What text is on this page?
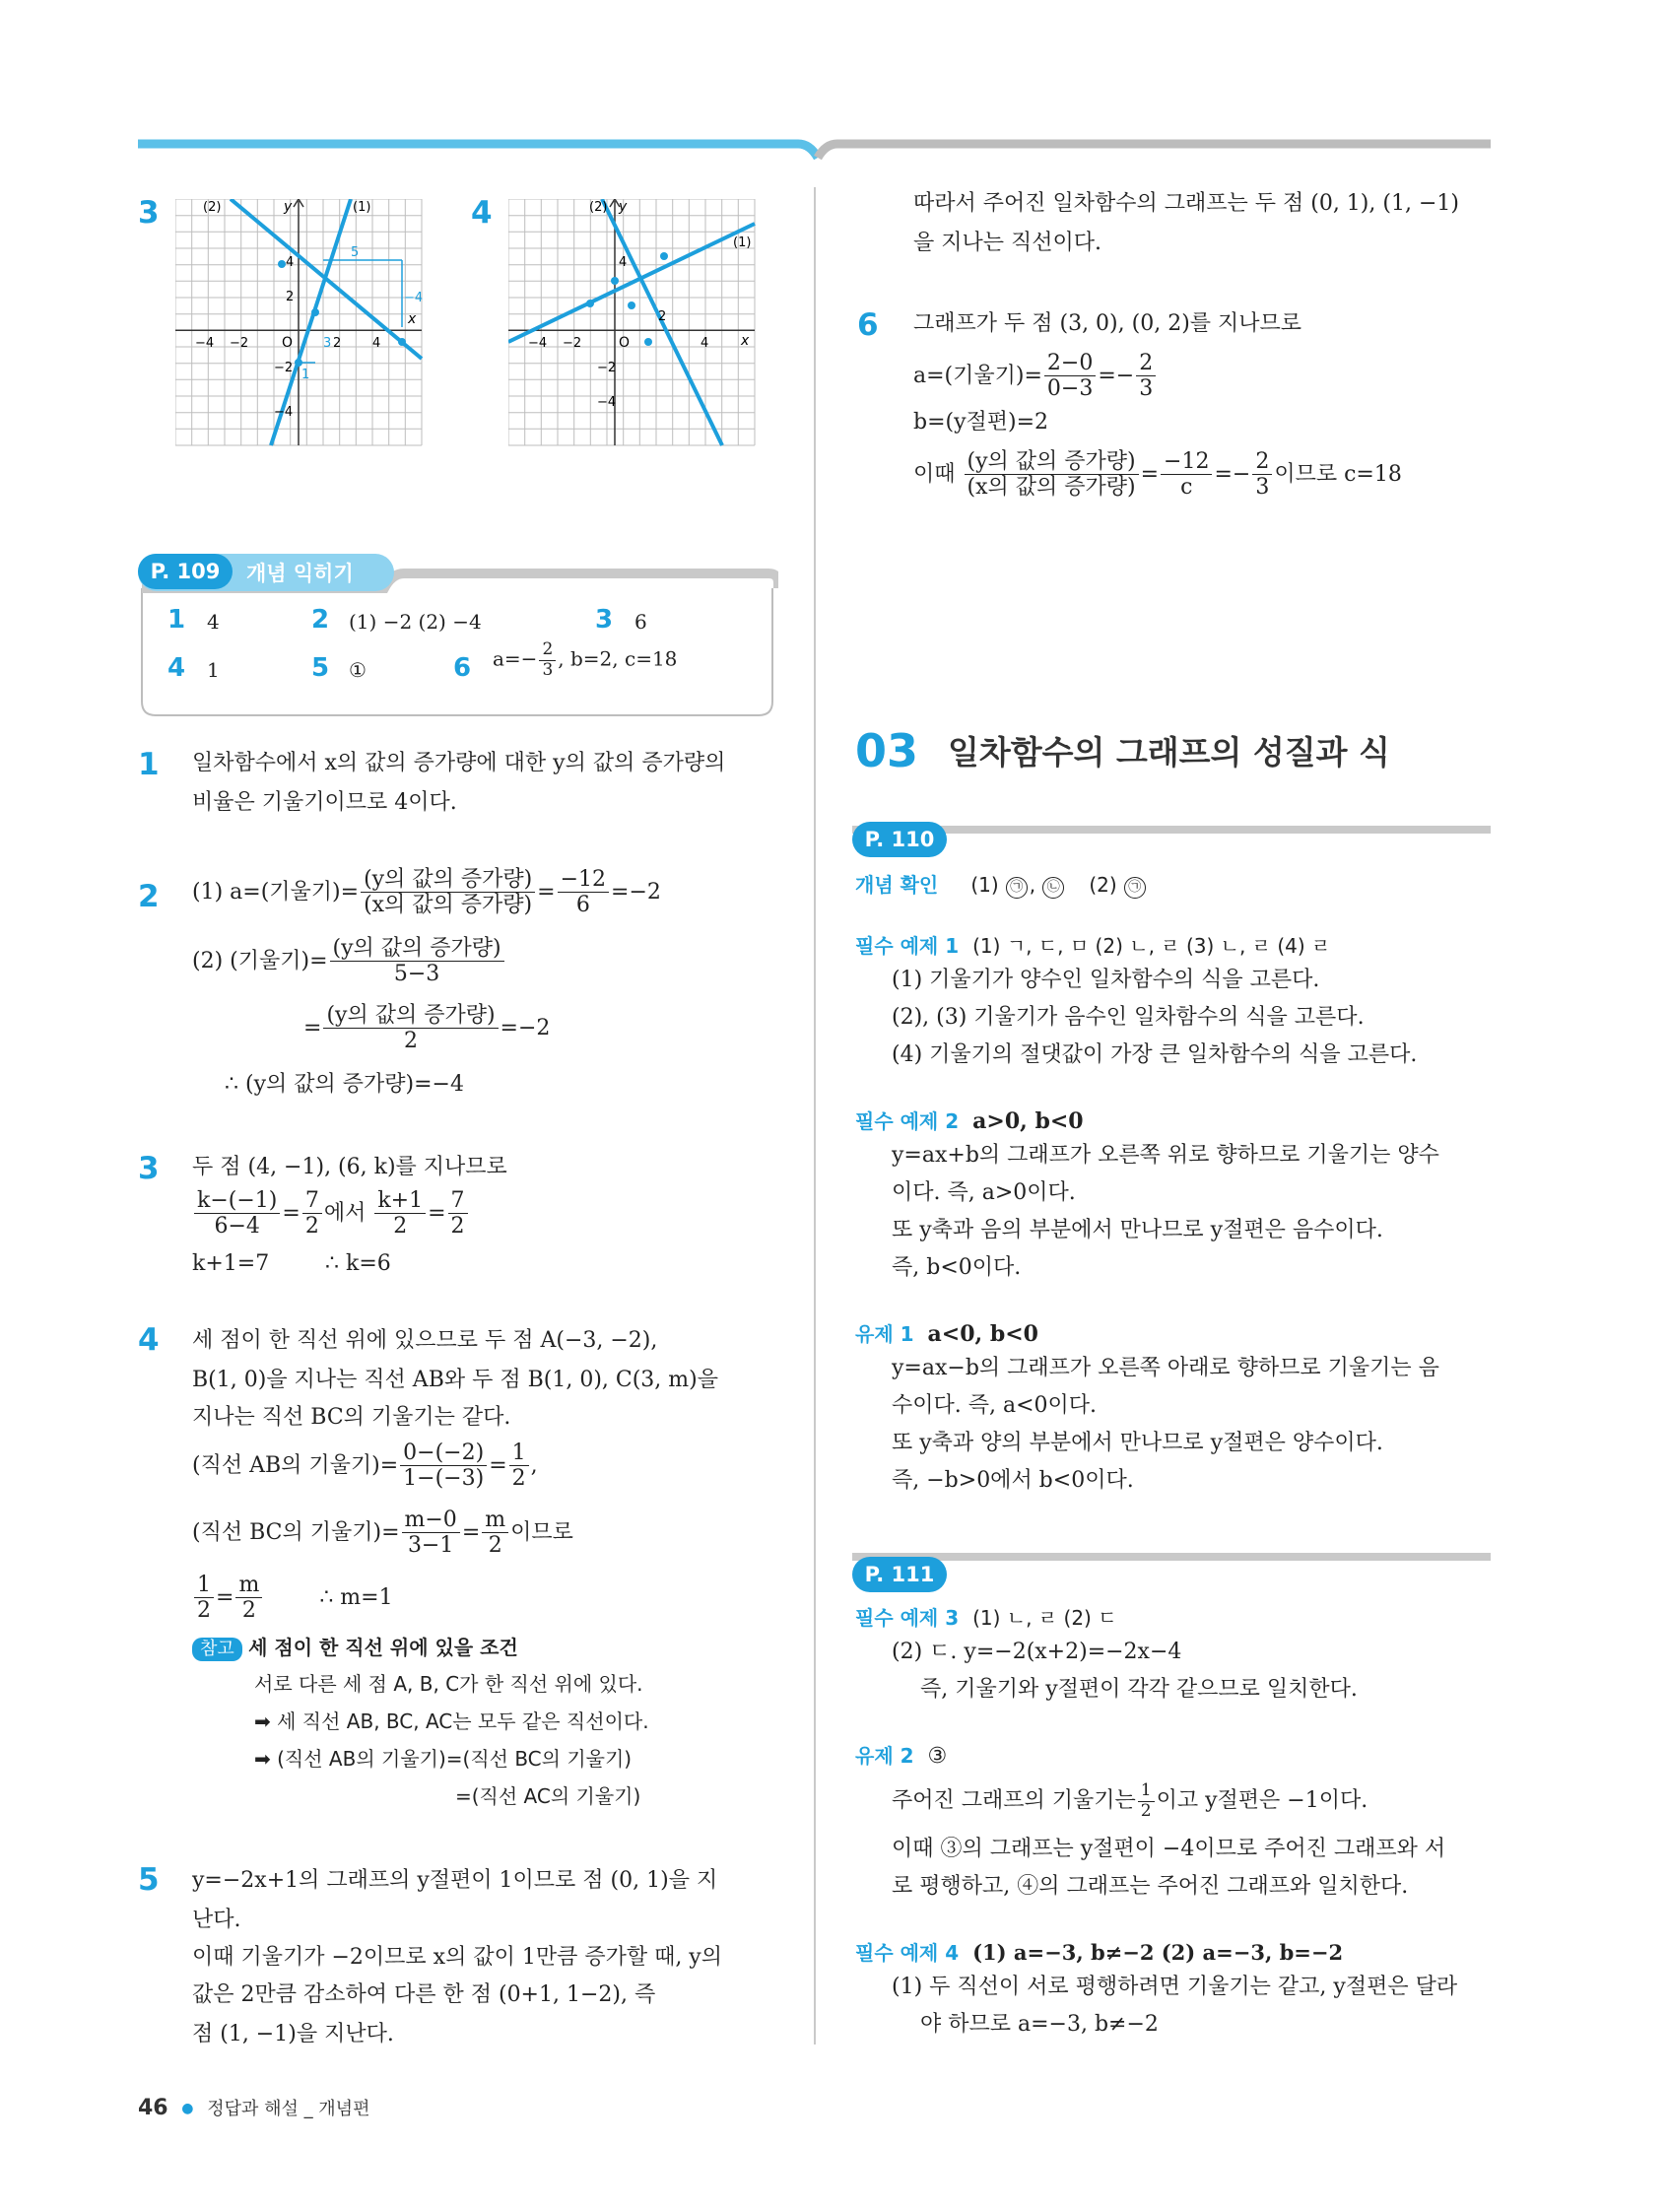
3	(2)	(1)
y
x
O
−4 −2	2 4
4
2
−2
−4
5
−4
3
1
4	(2)
(1)
y
x
O
−4 −2	4
4
2
−2
−4
따라서 주어진 일차함수의 그래프는 두 점 (0, 1), (1, −1)
을 지나는 직선이다.
6 그래프가 두 점 (3, 0), (0, 2)를 지나므로
a=(기울기)= $\frac{2-0}{0-3} =- \frac{2}{3}$
b=(y절편)=2
이때 $\frac{\text{(y의 값의 증가량)}}{\text{(x의 값의 증가량)}} = \frac{-12}{c} =- \frac{2}{3}$ 이므로 c=18
P. 109	개념 익히기
1 4	2 (1) −2 (2) −4	3 6
4 1	5 ①	6 $a=- \frac{2}{3}$ , b=2, c=18
1 일차함수에서 x의 값의 증가량에 대한 y의 값의 증가량의
비율은 기울기이므로 4이다.
2 (1) a=(기울기)= $\frac{\text{(y의 값의 증가량)}}{\text{(x의 값의 증가량)}} = \frac{-12}{6} =-2$
(2) (기울기)= $\frac{\text{(y의 값의 증가량)}}{5-3}$
= $\frac{\text{(y의 값의 증가량)}}{2} =-2$
∴ (y의 값의 증가량)=−4
3 두 점 (4, −1), (6, k)를 지나므로
$\frac{k-(-1)}{6-4} = \frac{7}{2}$ 에서 $\frac{k+1}{2} = \frac{7}{2}$
k+1=7	∴ k=6
4 세 점이 한 직선 위에 있으므로 두 점 A(−3, −2),
B(1, 0)을 지나는 직선 AB와 두 점 B(1, 0), C(3, m)을
지나는 직선 BC의 기울기는 같다.
(직선 AB의 기울기)= $\frac{0-(-2)}{1-(-3)} = \frac{1}{2}$ ,
(직선 BC의 기울기)= $\frac{m-0}{3-1} = \frac{m}{2}$ 이므로
$\frac{1}{2} = \frac{m}{2}$	∴ m=1
참고 세 점이 한 직선 위에 있을 조건
서로 다른 세 점 A, B, C가 한 직선 위에 있다.
➡ 세 직선 AB, BC, AC는 모두 같은 직선이다.
➡ (직선 AB의 기울기)=(직선 BC의 기울기)
=(직선 AC의 기울기)
5 y=−2x+1의 그래프의 y절편이 1이므로 점 (0, 1)을 지
난다.
이때 기울기가 −2이므로 x의 값이 1만큼 증가할 때, y의
값은 2만큼 감소하여 다른 한 점 (0+1, 1−2), 즉
점 (1, −1)을 지난다.
03 일차함수의 그래프의 성질과 식
P. 110
개념 확인 (1) ㉠ , ㉡ (2) ㉠
필수 예제 1 (1) ㄱ, ㄷ, ㅁ (2) ㄴ, ㄹ (3) ㄴ, ㄹ (4) ㄹ
(1) 기울기가 양수인 일차함수의 식을 고른다.
(2), (3) 기울기가 음수인 일차함수의 식을 고른다.
(4) 기울기의 절댓값이 가장 큰 일차함수의 식을 고른다.
필수 예제 2 a>0, b<0
y=ax+b의 그래프가 오른쪽 위로 향하므로 기울기는 양수
이다. 즉, a>0이다.
또 y축과 음의 부분에서 만나므로 y절편은 음수이다.
즉, b<0이다.
유제 1 a<0, b<0
y=ax−b의 그래프가 오른쪽 아래로 향하므로 기울기는 음
수이다. 즉, a<0이다.
또 y축과 양의 부분에서 만나므로 y절편은 양수이다.
즉, −b>0에서 b<0이다.
P. 111
필수 예제 3 (1) ㄴ, ㄹ (2) ㄷ
(2) ㄷ. y=−2(x+2)=−2x−4
즉, 기울기와 y절편이 각각 같으므로 일치한다.
유제 2 ③
주어진 그래프의 기울기는 $\frac{1}{2}$ 이고 y절편은 −1이다.
이때 ③의 그래프는 y절편이 −4이므로 주어진 그래프와 서
로 평행하고, ④의 그래프는 주어진 그래프와 일치한다.
필수 예제 4 (1) a=−3, b≠−2 (2) a=−3, b=−2
(1) 두 직선이 서로 평행하려면 기울기는 같고, y절편은 달라
야 하므로 a=−3, b≠−2
46 ● 정답과 해설 _ 개념편
